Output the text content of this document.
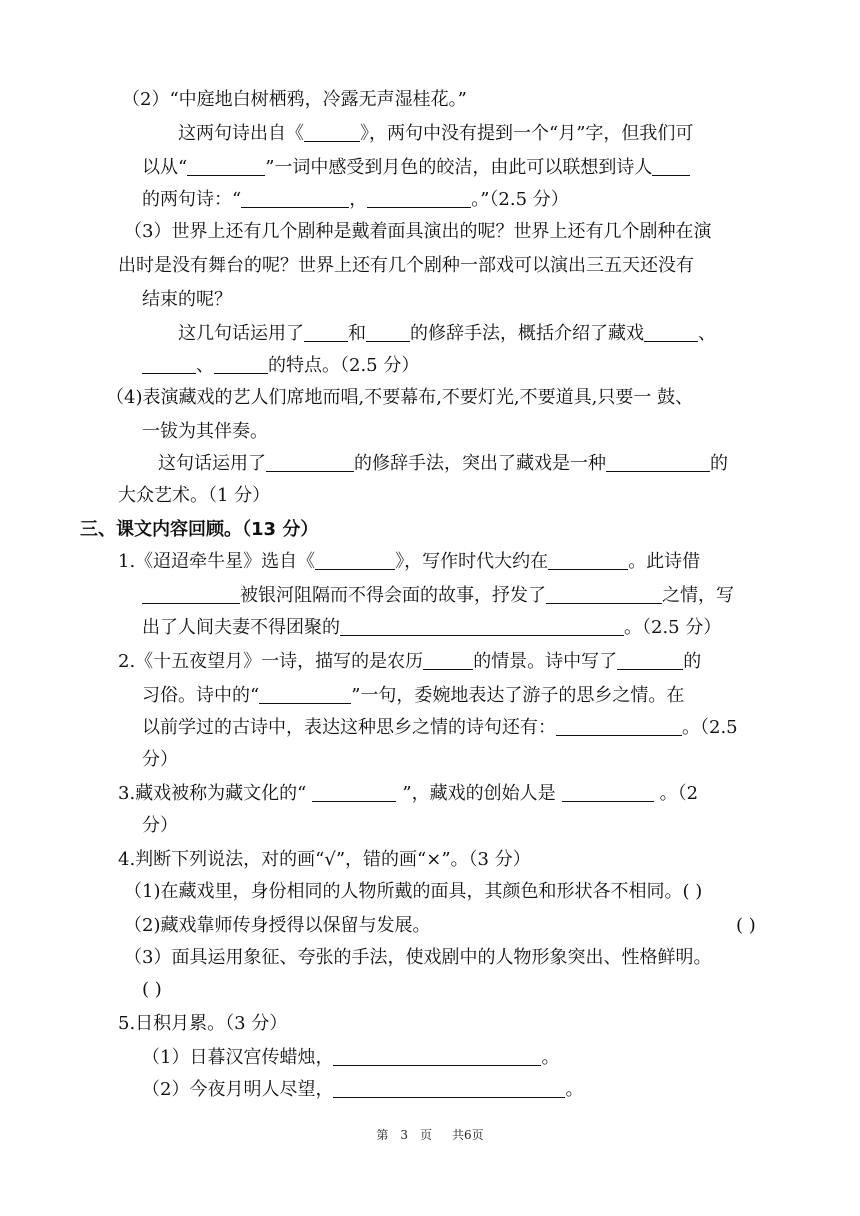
（2）“中庭地白树栖鸦，冷露无声湿桂花。”
这两句诗出自《	》，两句中没有提到一个“月”字，但我们可
以从“	”一词中感受到月色的皎洁，由此可以联想到诗人
的两句诗：“	，	。”（2.5 分）
（3）世界上还有几个剧种是戴着面具演出的呢？世界上还有几个剧种在演
出时是没有舞台的呢？世界上还有几个剧种一部戏可以演出三五天还没有
结束的呢？
这几句话运用了 和 的修辞手法，概括介绍了藏戏	、
、	的特点。（2.5 分）
（4)表演藏戏的艺人们席地而唱,不要幕布,不要灯光,不要道具,只要一 鼓、
一钹为其伴奏。
这句话运用了	的修辞手法，突出了藏戏是一种	的
大众艺术。（1 分）
三、课文内容回顾。（13 分）
1.《迢迢牵牛星》选自《	》，写作时代大约在	。此诗借
被银河阻隔而不得会面的故事，抒发了	之情，写
出了人间夫妻不得团聚的	。（2.5 分）
2.《十五夜望月》一诗，描写的是农历	的情景。诗中写了	的
习俗。诗中的“	”一句，委婉地表达了游子的思乡之情。在
以前学过的古诗中，表达这种思乡之情的诗句还有：	。（2.5
分）
3.藏戏被称为藏文化的“	”，藏戏的创始人是	。（2
分）
4.判断下列说法，对的画“√”，错的画“×”。（3 分）
（1)在藏戏里，身份相同的人物所戴的面具，其颜色和形状各不相同。( )
（2)藏戏靠师传身授得以保留与发展。	( )
（3）面具运用象征、夸张的手法，使戏剧中的人物形象突出、性格鲜明。
( )
5.日积月累。（3 分）
（1）日暮汉宫传蜡烛，	。
（2）今夜月明人尽望，	。
第 3 页 共6页
